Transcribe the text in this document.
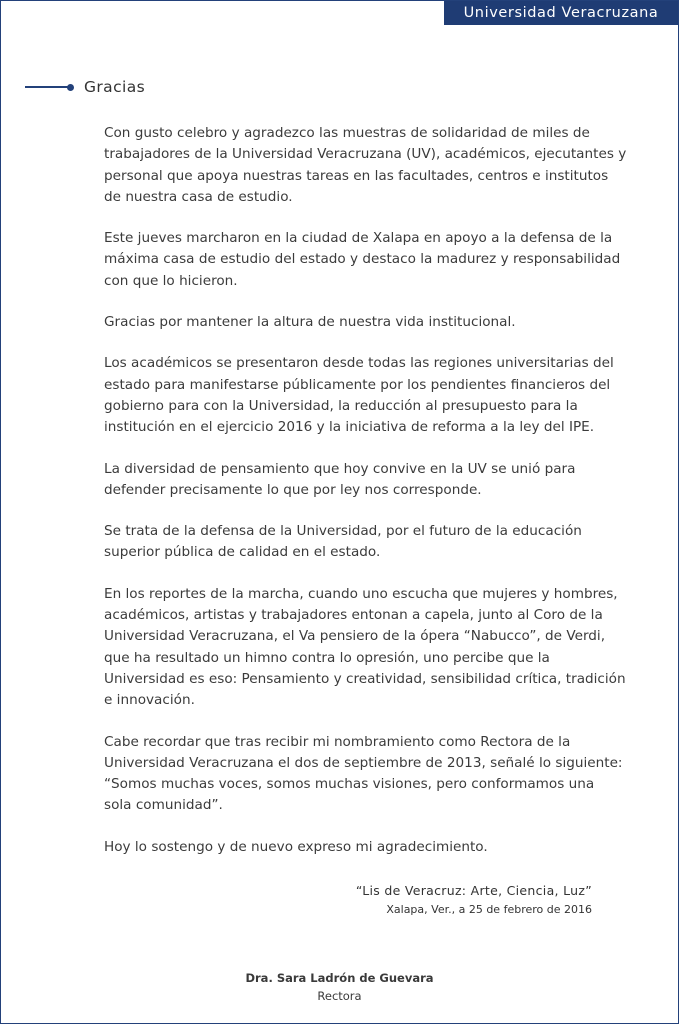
Universidad Veracruzana
Gracias

Con gusto celebro y agradezco las muestras de solidaridad de miles de
trabajadores de la Universidad Veracruzana (UV), académicos, ejecutantes y
personal que apoya nuestras tareas en las facultades, centros e institutos
de nuestra casa de estudio.

Este jueves marcharon en la ciudad de Xalapa en apoyo a la defensa de la
máxima casa de estudio del estado y destaco la madurez y responsabilidad
con que lo hicieron.

Gracias por mantener la altura de nuestra vida institucional.

Los académicos se presentaron desde todas las regiones universitarias del
estado para manifestarse públicamente por los pendientes financieros del
gobierno para con la Universidad, la reducción al presupuesto para la
institución en el ejercicio 2016 y la iniciativa de reforma a la ley del IPE.

La diversidad de pensamiento que hoy convive en la UV se unió para
defender precisamente lo que por ley nos corresponde.

Se trata de la defensa de la Universidad, por el futuro de la educación
superior pública de calidad en el estado.

En los reportes de la marcha, cuando uno escucha que mujeres y hombres,
académicos, artistas y trabajadores entonan a capela, junto al Coro de la
Universidad Veracruzana, el Va pensiero de la ópera “Nabucco”, de Verdi,
que ha resultado un himno contra lo opresión, uno percibe que la
Universidad es eso: Pensamiento y creatividad, sensibilidad crítica, tradición
e innovación.

Cabe recordar que tras recibir mi nombramiento como Rectora de la
Universidad Veracruzana el dos de septiembre de 2013, señalé lo siguiente:
“Somos muchas voces, somos muchas visiones, pero conformamos una
sola comunidad”.

Hoy lo sostengo y de nuevo expreso mi agradecimiento.

“Lis de Veracruz: Arte, Ciencia, Luz”
Xalapa, Ver., a 25 de febrero de 2016
Dra. Sara Ladrón de Guevara
Rectora
